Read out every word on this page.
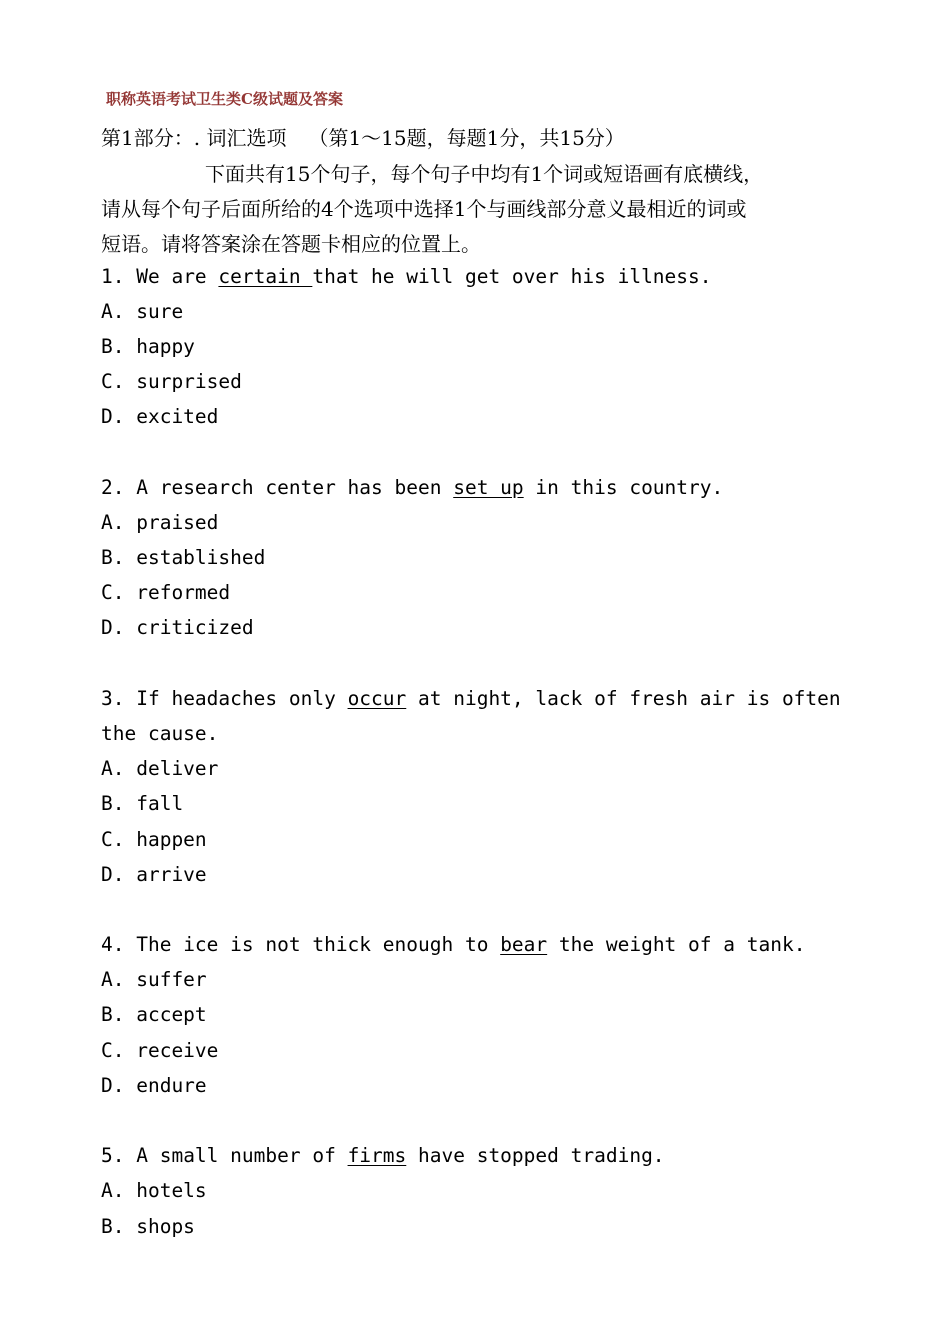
职称英语考试卫生类C级试题及答案
第1部分：. 词汇选项 （第1～15题，每题1分，共15分）
下面共有15个句子，每个句子中均有1个词或短语画有底横线，
请从每个句子后面所给的4个选项中选择1个与画线部分意义最相近的词或
短语。请将答案涂在答题卡相应的位置上。
1. We are certain that he will get over his illness.
A. sure
B. happy
C. surprised
D. excited
2. A research center has been set up in this country.
A. praised
B. established
C. reformed
D. criticized
3. If headaches only occur at night, lack of fresh air is often
the cause.
A. deliver
B. fall
C. happen
D. arrive
4. The ice is not thick enough to bear the weight of a tank.
A. suffer
B. accept
C. receive
D. endure
5. A small number of firms have stopped trading.
A. hotels
B. shops
